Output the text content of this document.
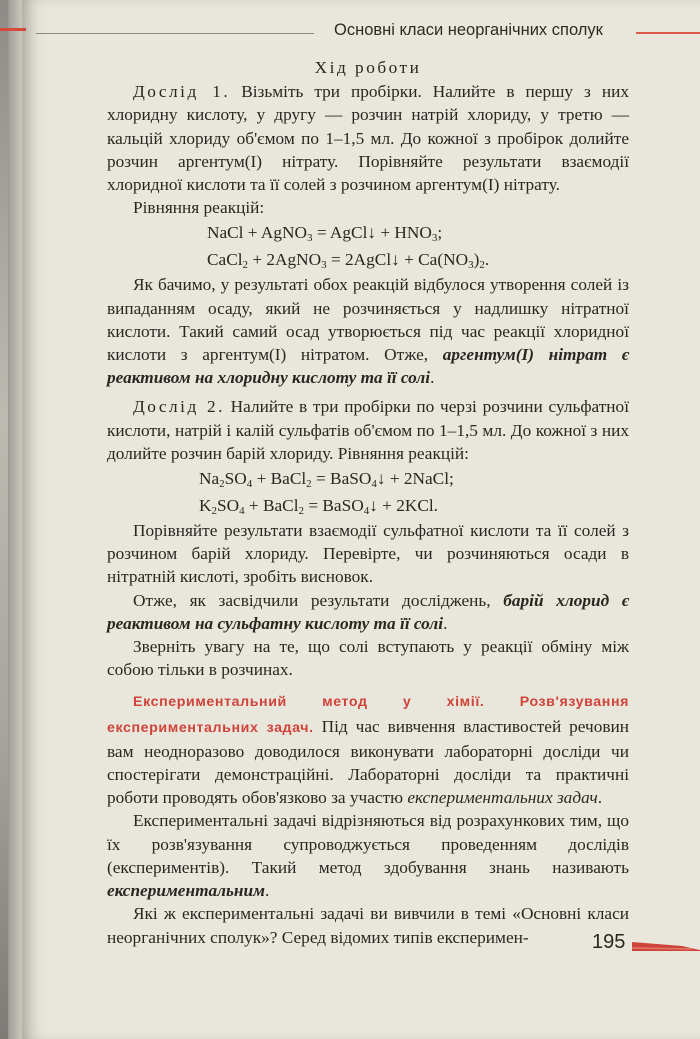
Основні класи неорганічних сполук

Хід роботи

Дослід 1. Візьміть три пробірки. Налийте в першу з них хлоридну кислоту, у другу — розчин натрій хлориду, у третю — кальцій хлориду об'ємом по 1–1,5 мл. До кожної з пробірок долийте розчин аргентум(І) нітрату. Порівняйте результати взаємодії хлоридної кислоти та її солей з розчином аргентум(І) нітрату.

Рівняння реакцій:

NaCl + AgNO$_3$ = AgCl↓ + $HNO_3$;

CaCl$_2$ + 2AgNO$_3$ = 2AgCl↓ + $Ca(NO_3)_2$.

Як бачимо, у результаті обох реакцій відбулося утворення солей із випаданням осаду, який не розчиняється у надлишку нітратної кислоти. Такий самий осад утворюється під час реакції хлоридної кислоти з аргентум(І) нітратом. Отже, аргентум(І) нітрат є реактивом на хлоридну кислоту та її солі.

Дослід 2. Налийте в три пробірки по черзі розчини сульфатної кислоти, натрій і калій сульфатів об'ємом по 1–1,5 мл. До кожної з них долийте розчин барій хлориду. Рівняння реакцій:

$Na_2SO_4$ + BaCl$_2$ = BaSO$_4$↓ + 2NaCl;

$K_2SO_4$ + BaCl$_2$ = BaSO$_4$↓ + 2KCl.

Порівняйте результати взаємодії сульфатної кислоти та її солей з розчином барій хлориду. Перевірте, чи розчиняються осади в нітратній кислоті, зробіть висновок.

Отже, як засвідчили результати досліджень, барій хлорид є реактивом на сульфатну кислоту та її солі.

Зверніть увагу на те, що солі вступають у реакції обміну між собою тільки в розчинах.

Експериментальний метод у хімії. Розв'язування експериментальних задач. Під час вивчення властивостей речовин вам неодноразово доводилося виконувати лабораторні досліди чи спостерігати демонстраційні. Лабораторні досліди та практичні роботи проводять обов'язково за участю експериментальних задач.

Експериментальні задачі відрізняються від розрахункових тим, що їх розв'язування супроводжується проведенням дослідів (експериментів). Такий метод здобування знань називають експериментальним.

Які ж експериментальні задачі ви вивчили в темі «Основні класи неорганічних сполук»? Серед відомих типів експеримен-	195
